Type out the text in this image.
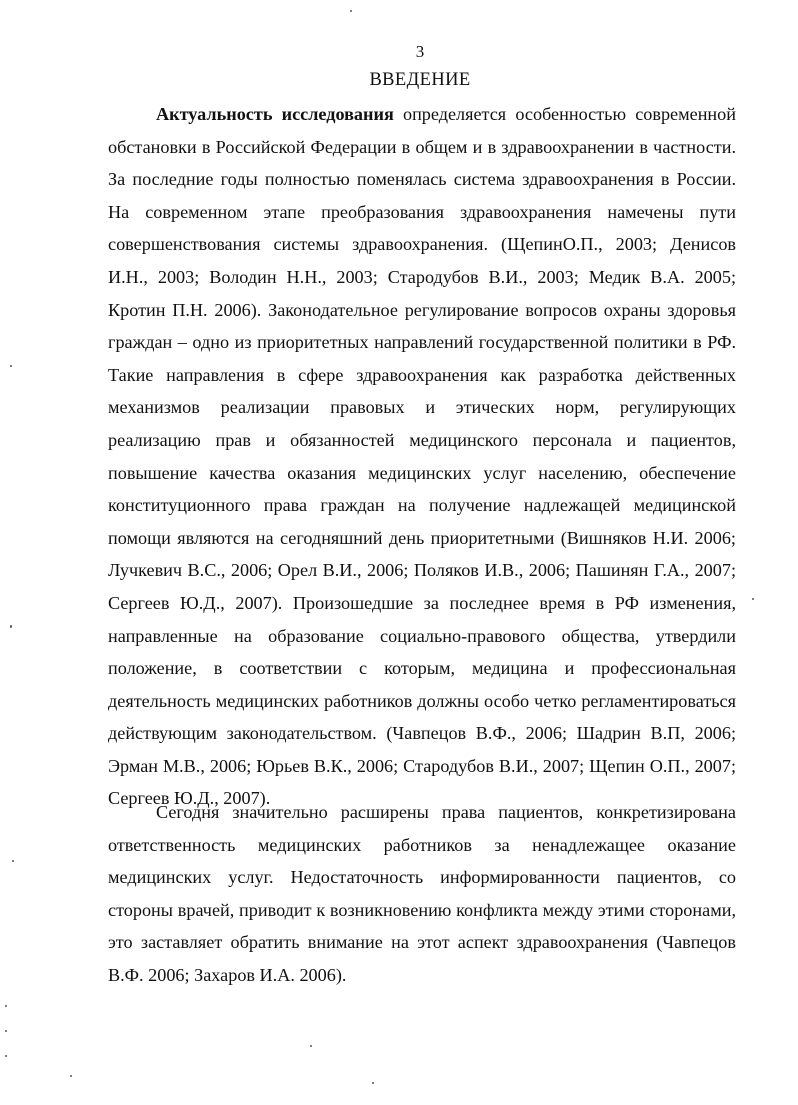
3
ВВЕДЕНИЕ

Актуальность исследования определяется особенностью современной обстановки в Российской Федерации в общем и в здравоохранении в частности. За последние годы полностью поменялась система здравоохранения в России. На современном этапе преобразования здравоохранения намечены пути совершенствования системы здравоохранения. (ЩепинО.П., 2003; Денисов И.Н., 2003; Володин Н.Н., 2003; Стародубов В.И., 2003; Медик В.А. 2005; Кротин П.Н. 2006). Законодательное регулирование вопросов охраны здоровья граждан – одно из приоритетных направлений государственной политики в РФ. Такие направления в сфере здравоохранения как разработка действенных механизмов реализации правовых и этических норм, регулирующих реализацию прав и обязанностей медицинского персонала и пациентов, повышение качества оказания медицинских услуг населению, обеспечение конституционного права граждан на получение надлежащей медицинской помощи являются на сегодняшний день приоритетными (Вишняков Н.И. 2006; Лучкевич В.С., 2006; Орел В.И., 2006; Поляков И.В., 2006; Пашинян Г.А., 2007; Сергеев Ю.Д., 2007). Произошедшие за последнее время в РФ изменения, направленные на образование социально-правового общества, утвердили положение, в соответствии с которым, медицина и профессиональная деятельность медицинских работников должны особо четко регламентироваться действующим законодательством. (Чавпецов В.Ф., 2006; Шадрин В.П, 2006; Эрман М.В., 2006; Юрьев В.К., 2006; Стародубов В.И., 2007; Щепин О.П., 2007; Сергеев Ю.Д., 2007).

Сегодня значительно расширены права пациентов, конкретизирована ответственность медицинских работников за ненадлежащее оказание медицинских услуг. Недостаточность информированности пациентов, со стороны врачей, приводит к возникновению конфликта между этими сторонами, это заставляет обратить внимание на этот аспект здравоохранения (Чавпецов В.Ф. 2006; Захаров И.А. 2006).
